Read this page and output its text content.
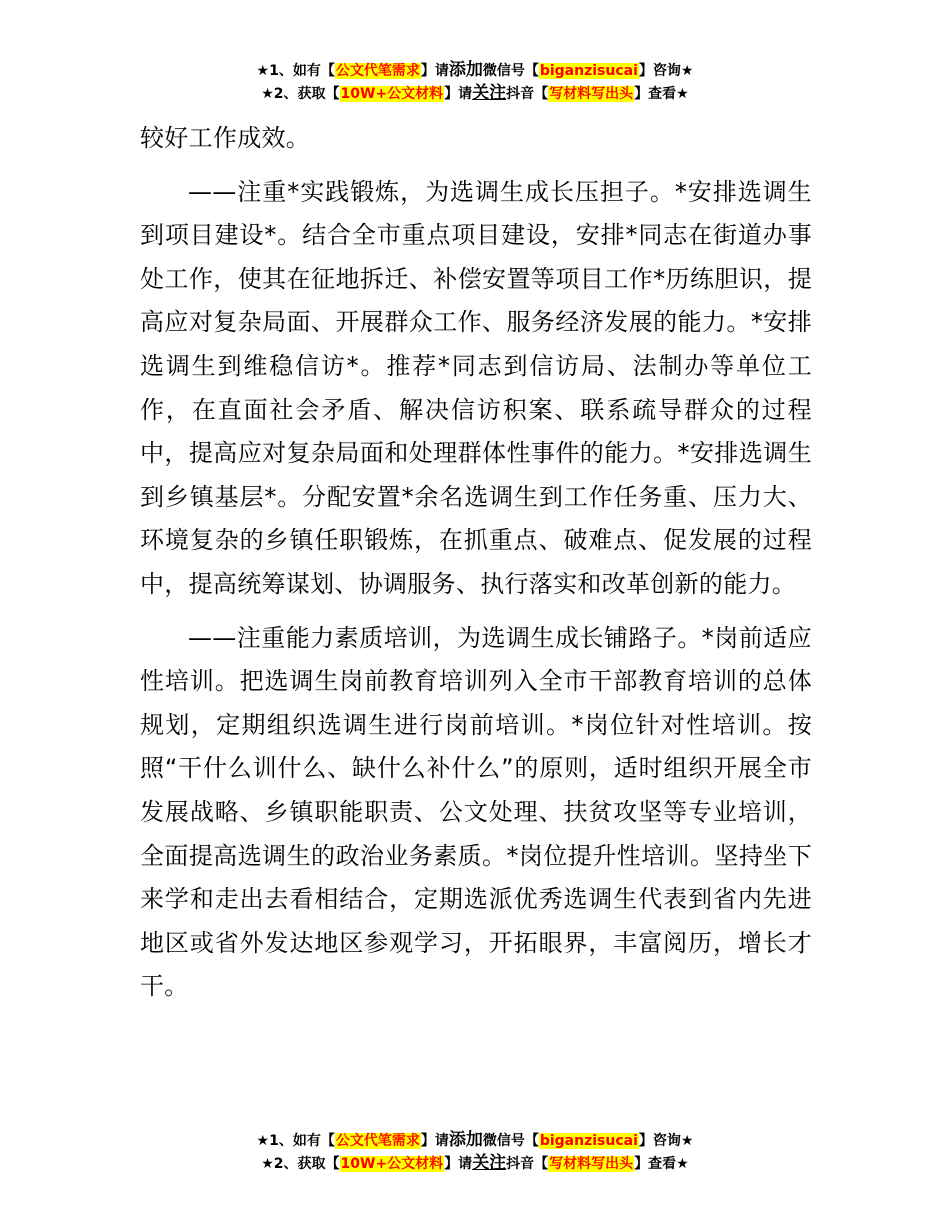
★1、如有【公文代笔需求】请添加微信号【biganzisucai】咨询★
★2、获取【10W+公文材料】请关注抖音【写材料写出头】查看★

较好工作成效。

——注重*实践锻炼，为选调生成长压担子。*安排选调生到项目建设*。结合全市重点项目建设，安排*同志在街道办事处工作，使其在征地拆迁、补偿安置等项目工作*历练胆识，提高应对复杂局面、开展群众工作、服务经济发展的能力。*安排选调生到维稳信访*。推荐*同志到信访局、法制办等单位工作，在直面社会矛盾、解决信访积案、联系疏导群众的过程中，提高应对复杂局面和处理群体性事件的能力。*安排选调生到乡镇基层*。分配安置*余名选调生到工作任务重、压力大、环境复杂的乡镇任职锻炼，在抓重点、破难点、促发展的过程中，提高统筹谋划、协调服务、执行落实和改革创新的能力。

——注重能力素质培训，为选调生成长铺路子。*岗前适应性培训。把选调生岗前教育培训列入全市干部教育培训的总体规划，定期组织选调生进行岗前培训。*岗位针对性培训。按照“干什么训什么、缺什么补什么”的原则，适时组织开展全市发展战略、乡镇职能职责、公文处理、扶贫攻坚等专业培训，全面提高选调生的政治业务素质。*岗位提升性培训。坚持坐下来学和走出去看相结合，定期选派优秀选调生代表到省内先进地区或省外发达地区参观学习，开拓眼界，丰富阅历，增长才干。

★1、如有【公文代笔需求】请添加微信号【biganzisucai】咨询★
★2、获取【10W+公文材料】请关注抖音【写材料写出头】查看★
